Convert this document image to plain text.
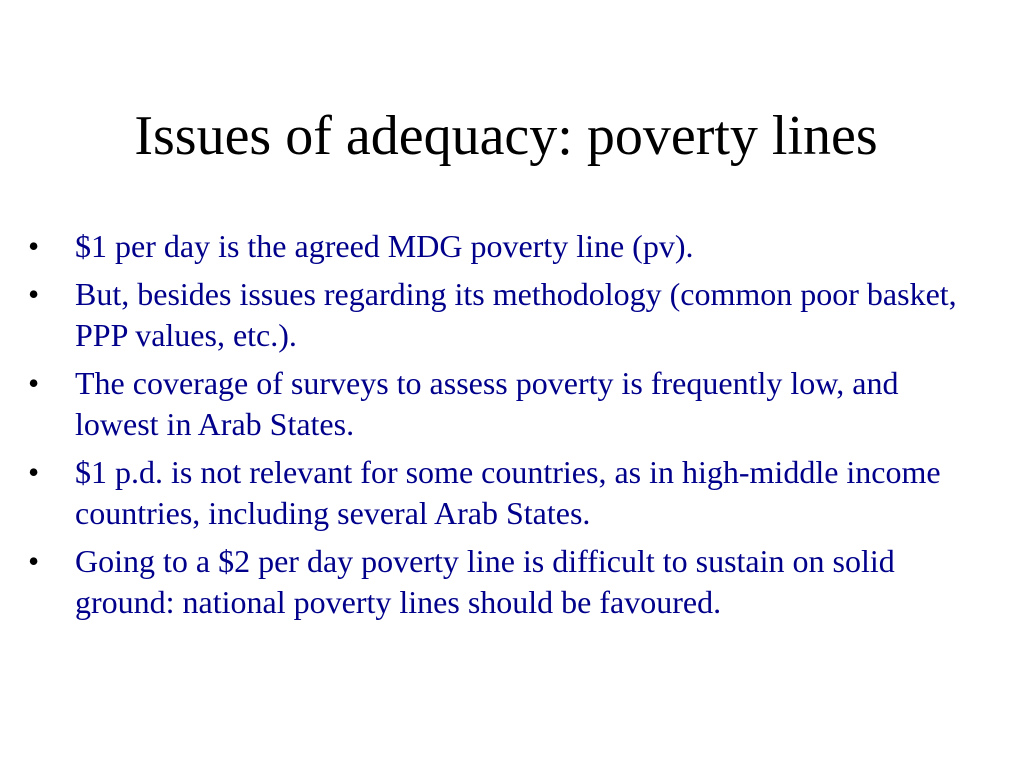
Issues of adequacy: poverty lines
•	$1 per day is the agreed MDG poverty line (pv).
•	But, besides issues regarding its methodology (common poor basket, PPP values, etc.).
•	The coverage of surveys to assess poverty is frequently low, and lowest in Arab States.
•	$1 p.d. is not relevant for some countries, as in high-middle income countries, including several Arab States.
•	Going to a $2 per day poverty line is difficult to sustain on solid ground: national poverty lines should be favoured.
